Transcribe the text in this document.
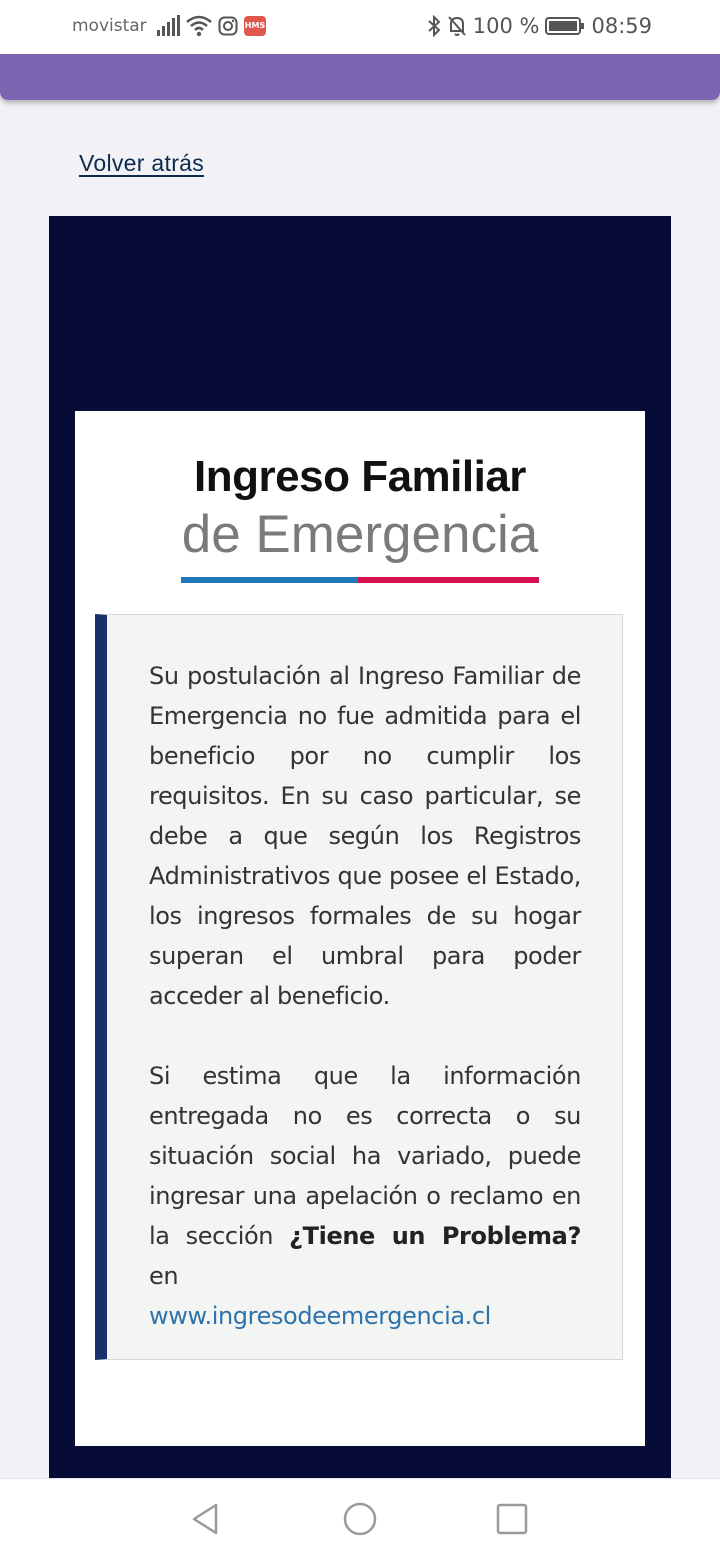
movistar	HMS	100 % 08:59
Volver atrás
Ingreso Familiar
de Emergencia

Su postulación al Ingreso Familiar de Emergencia no fue admitida para el beneficio por no cumplir los requisitos. En su caso particular, se debe a que según los Registros Administrativos que posee el Estado, los ingresos formales de su hogar superan el umbral para poder acceder al beneficio.

Si estima que la información entregada no es correcta o su situación social ha variado, puede ingresar una apelación o reclamo en la sección ¿Tiene un Problema? en
www.ingresodeemergencia.cl
